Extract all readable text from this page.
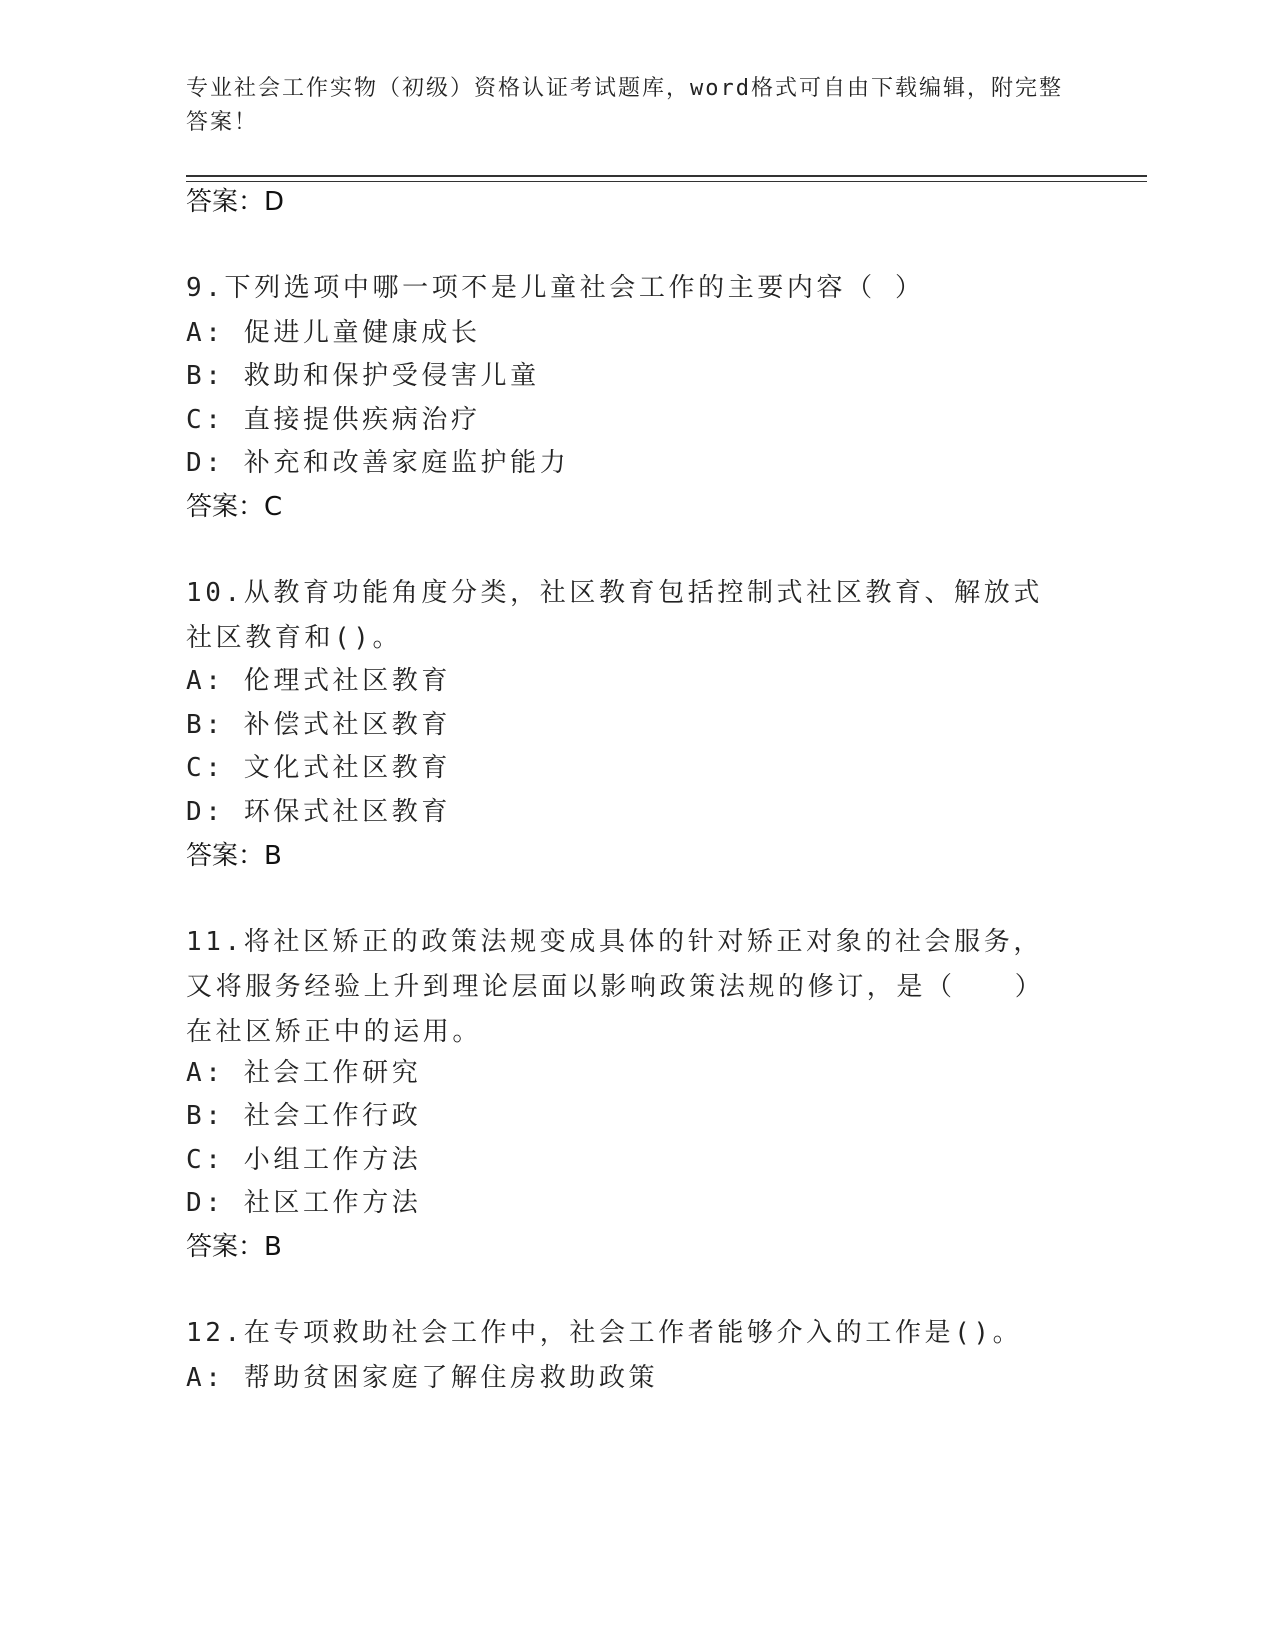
专业社会工作实物（初级）资格认证考试题库，word格式可自由下载编辑，附完整答案！
答案：D
9.下列选项中哪一项不是儿童社会工作的主要内容（ ）
A: 促进儿童健康成长
B: 救助和保护受侵害儿童
C: 直接提供疾病治疗
D: 补充和改善家庭监护能力
答案：C
10.从教育功能角度分类，社区教育包括控制式社区教育、解放式社区教育和()。
A: 伦理式社区教育
B: 补偿式社区教育
C: 文化式社区教育
D: 环保式社区教育
答案：B
11.将社区矫正的政策法规变成具体的针对矫正对象的社会服务，又将服务经验上升到理论层面以影响政策法规的修订，是（　　）在社区矫正中的运用。
A: 社会工作研究
B: 社会工作行政
C: 小组工作方法
D: 社区工作方法
答案：B
12.在专项救助社会工作中，社会工作者能够介入的工作是()。
A: 帮助贫困家庭了解住房救助政策
